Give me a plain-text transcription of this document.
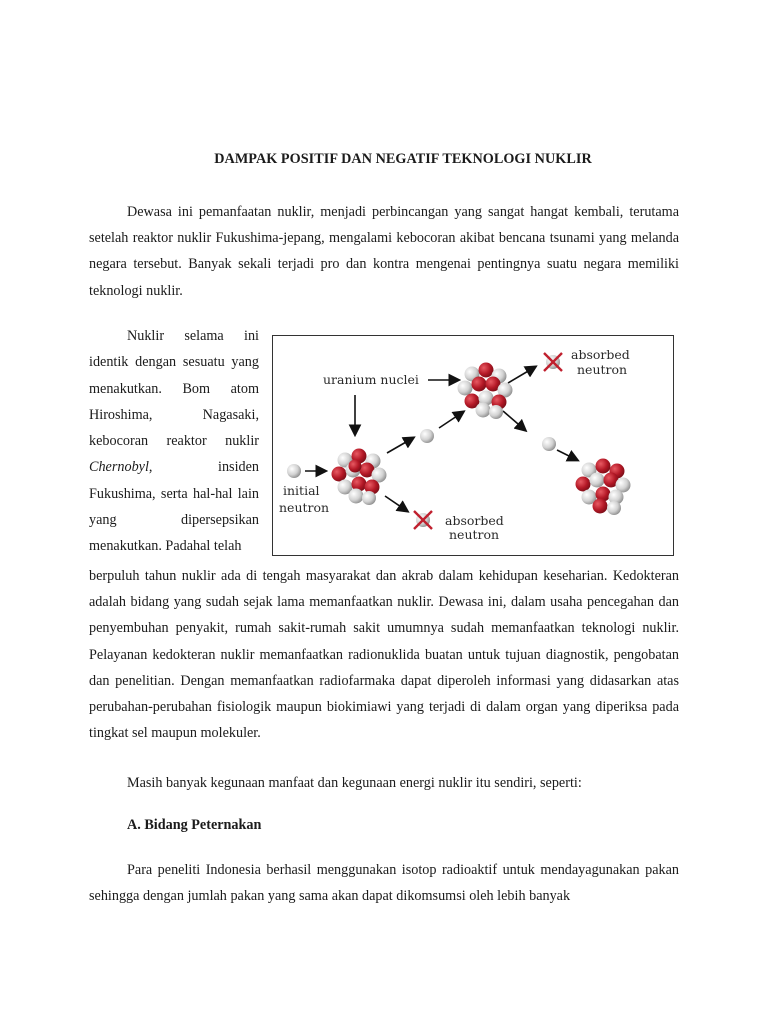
DAMPAK POSITIF DAN NEGATIF TEKNOLOGI NUKLIR

Dewasa ini pemanfaatan nuklir, menjadi perbincangan yang sangat hangat kembali, terutama setelah reaktor nuklir Fukushima-jepang, mengalami kebocoran akibat bencana tsunami yang melanda negara tersebut. Banyak sekali terjadi pro dan kontra mengenai pentingnya suatu negara memiliki teknologi nuklir.

Nuklir selama ini identik dengan sesuatu yang menakutkan. Bom atom Hiroshima, Nagasaki, kebocoran reaktor nuklir Chernobyl, insiden Fukushima, serta hal-hal lain yang dipersepsikan menakutkan. Padahal telah

uranium nuclei
initial
neutron
absorbed
neutron
absorbed
neutron

berpuluh tahun nuklir ada di tengah masyarakat dan akrab dalam kehidupan keseharian. Kedokteran adalah bidang yang sudah sejak lama memanfaatkan nuklir. Dewasa ini, dalam usaha pencegahan dan penyembuhan penyakit, rumah sakit-rumah sakit umumnya sudah memanfaatkan teknologi nuklir. Pelayanan kedokteran nuklir memanfaatkan radionuklida buatan untuk tujuan diagnostik, pengobatan dan penelitian. Dengan memanfaatkan radiofarmaka dapat diperoleh informasi yang didasarkan atas perubahan-perubahan fisiologik maupun biokimiawi yang terjadi di dalam organ yang diperiksa pada tingkat sel maupun molekuler.

Masih banyak kegunaan manfaat dan kegunaan energi nuklir itu sendiri, seperti:

A. Bidang Peternakan

Para peneliti Indonesia berhasil menggunakan isotop radioaktif untuk mendayagunakan pakan sehingga dengan jumlah pakan yang sama akan dapat dikomsumsi oleh lebih banyak
